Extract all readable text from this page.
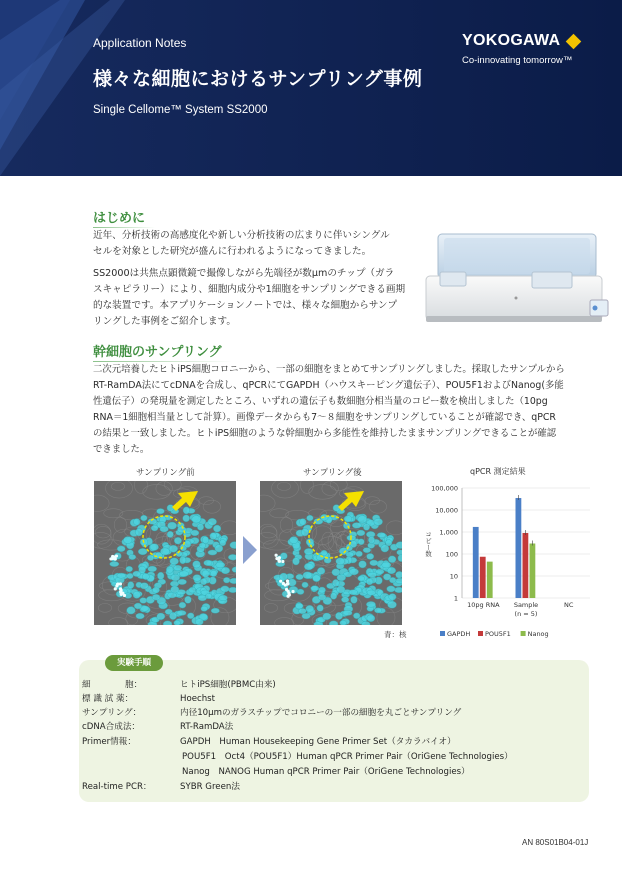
Application Notes
様々な細胞におけるサンプリング事例
Single Cellome™ System SS2000
YOKOGAWA
Co-innovating tomorrow™
はじめに
近年、分析技術の高感度化や新しい分析技術の広まりに伴いシングル
セルを対象とした研究が盛んに行われるようになってきました。
SS2000は共焦点顕微鏡で撮像しながら先端径が数µmのチップ（ガラ
スキャピラリー）により、細胞内成分や1細胞をサンプリングできる画期
的な装置です。本アプリケーションノートでは、様々な細胞からサンプ
リングした事例をご紹介します。
幹細胞のサンプリング
二次元培養したヒトiPS細胞コロニーから、一部の細胞をまとめてサンプリングしました。採取したサンプルから
RT-RamDA法にてcDNAを合成し、qPCRにてGAPDH（ハウスキーピング遺伝子）、POU5F1およびNanog(多能
性遺伝子）の発現量を測定したところ、いずれの遺伝子も数細胞分相当量のコピー数を検出しました（10pg
RNA＝1細胞相当量として計算）。画像データからも7～８細胞をサンプリングしていることが確認でき、qPCR
の結果と一致しました。ヒトiPS細胞のような幹細胞から多能性を維持したままサンプリングできることが確認
できました。
サンプリング前	サンプリング後
青：核
qPCR 測定結果
1
10
100
1,000
10,000
100,000
コピー数
10pg RNA Sample
(n = 5)
NC
GAPDH POU5F1	Nanog
実験手順
細　　　　胞：	ヒトiPS細胞(PBMC由来)
標 識 試 薬：	Hoechst
サンプリング：	内径10µmのガラスチップでコロニーの一部の細胞を丸ごとサンプリング
cDNA合成法：	RT-RamDA法
Primer情報：	GAPDH　Human Housekeeping Gene Primer Set（タカラバイオ）
POU5F1　Oct4（POU5F1）Human qPCR Primer Pair（OriGene Technologies）
Nanog　NANOG Human qPCR Primer Pair（OriGene Technologies）
Real-time PCR：	SYBR Green法
AN 80S01B04-01J
